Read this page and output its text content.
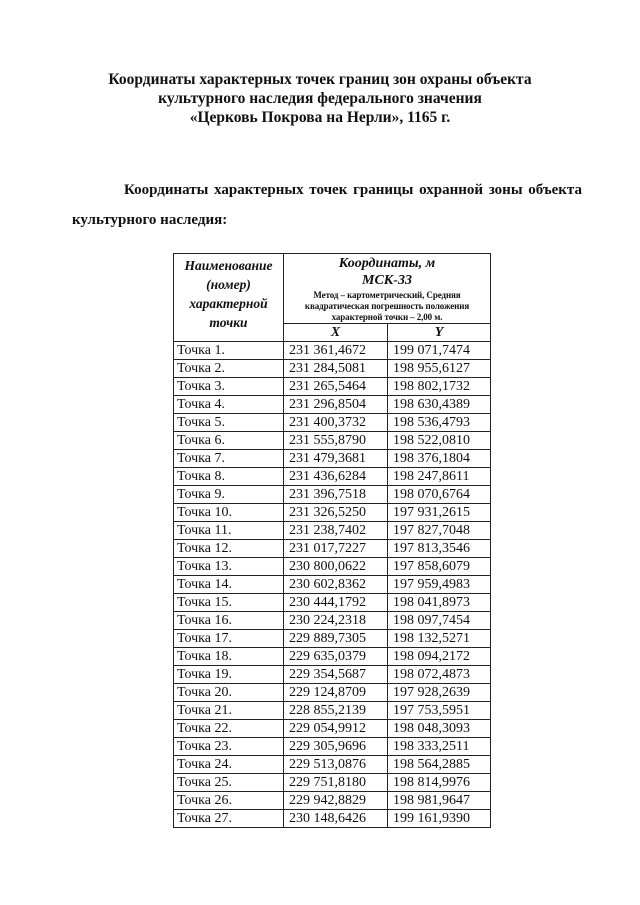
Координаты характерных точек границ зон охраны объекта
культурного наследия федерального значения
«Церковь Покрова на Нерли», 1165 г.
Координаты характерных точек границы охранной зоны объекта
культурного наследия:
Наименование (номер) характерной точки	Координаты, м
МСК-33
Метод – картометрический, Средняя квадратическая погрешность положения характерной точки – 2,00 м.	

	X	Y
Точка 1.	231 361,4672	199 071,7474
Точка 2.	231 284,5081	198 955,6127
Точка 3.	231 265,5464	198 802,1732
Точка 4.	231 296,8504	198 630,4389
Точка 5.	231 400,3732	198 536,4793
Точка 6.	231 555,8790	198 522,0810
Точка 7.	231 479,3681	198 376,1804
Точка 8.	231 436,6284	198 247,8611
Точка 9.	231 396,7518	198 070,6764
Точка 10.	231 326,5250	197 931,2615
Точка 11.	231 238,7402	197 827,7048
Точка 12.	231 017,7227	197 813,3546
Точка 13.	230 800,0622	197 858,6079
Точка 14.	230 602,8362	197 959,4983
Точка 15.	230 444,1792	198 041,8973
Точка 16.	230 224,2318	198 097,7454
Точка 17.	229 889,7305	198 132,5271
Точка 18.	229 635,0379	198 094,2172
Точка 19.	229 354,5687	198 072,4873
Точка 20.	229 124,8709	197 928,2639
Точка 21.	228 855,2139	197 753,5951
Точка 22.	229 054,9912	198 048,3093
Точка 23.	229 305,9696	198 333,2511
Точка 24.	229 513,0876	198 564,2885
Точка 25.	229 751,8180	198 814,9976
Точка 26.	229 942,8829	198 981,9647
Точка 27.	230 148,6426	199 161,9390
